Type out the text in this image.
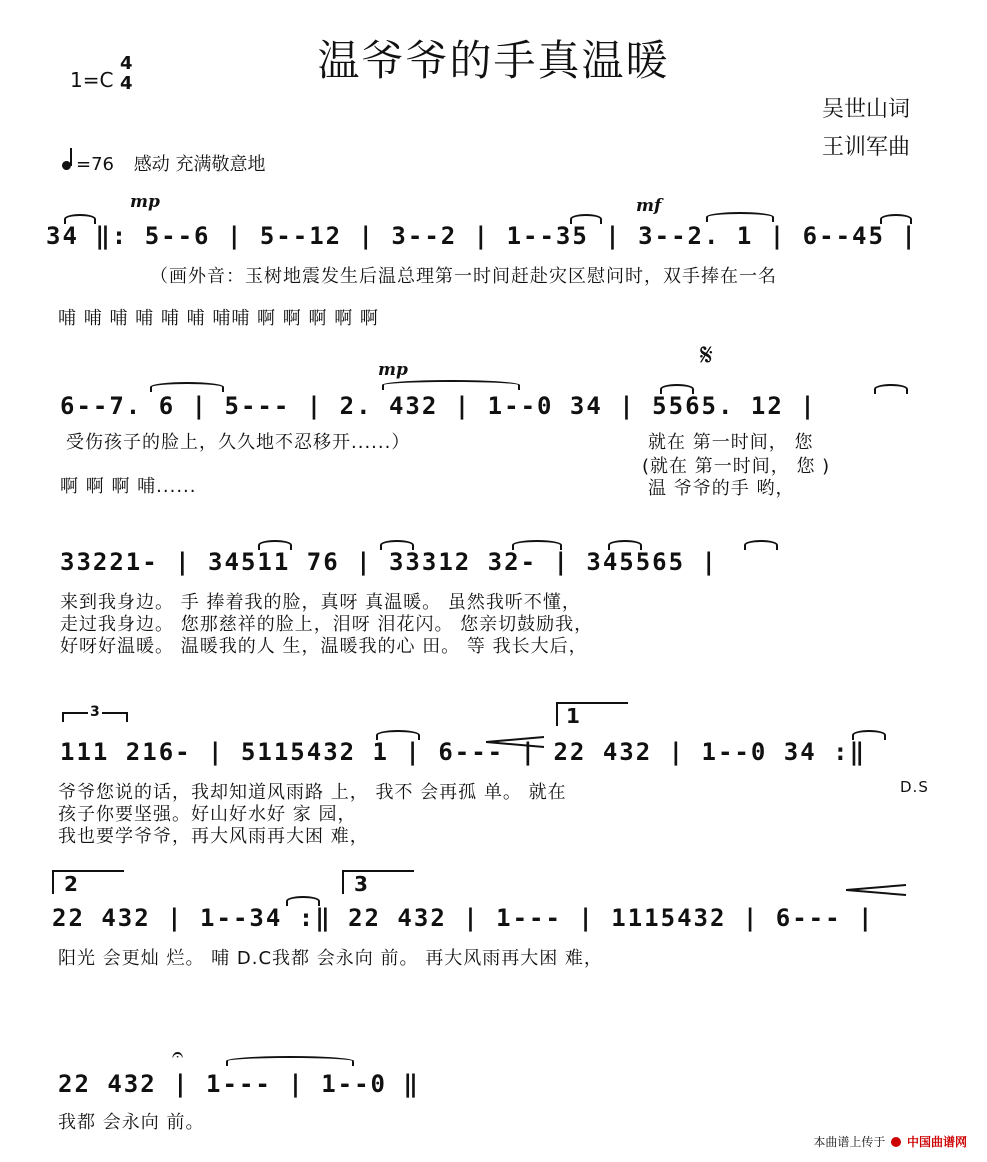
温爷爷的手真温暖
1=C
4
4
吴世山词
王训军曲
=76 感动 充满敬意地
mp	mf
34 ‖: 5--6 | 5--12 | 3--2 | 1--35 | 3--2. 1 | 6--45 |
（画外音：玉树地震发生后温总理第一时间赶赴灾区慰问时，双手捧在一名
哺 哺 哺 哺 哺 哺 哺哺 啊 啊 啊 啊 啊
𝄋
mp
6--7. 6 | 5--- | 2. 432 | 1--0 34 | 5565. 12 |
受伤孩子的脸上，久久地不忍移开......）
啊 啊 啊 哺......
就在 第一时间， 您
(就在 第一时间， 您 )
温 爷爷的手 哟，
33221- | 34511 76 | 33312 32- | 345565 |
来到我身边。 手 捧着我的脸，真呀 真温暖。 虽然我听不懂，
走过我身边。 您那慈祥的脸上，泪呀 泪花闪。 您亲切鼓励我，
好呀好温暖。 温暖我的人 生，温暖我的心 田。 等 我长大后，
3	1
111 216- | 5115432 1 | 6--- | 22 432 | 1--0 34 :‖
爷爷您说的话，我却知道风雨路 上， 我不 会再孤 单。 就在	D.S
孩子你要坚强。好山好水好 家 园，
我也要学爷爷，再大风雨再大困 难，
2	3
22 432 | 1--34 :‖ 22 432 | 1--- | 1115432 | 6--- |
阳光 会更灿 烂。 哺 D.C我都 会永向 前。 再大风雨再大困 难，
𝄐
22 432 | 1--- | 1--0 ‖
我都 会永向 前。
本曲谱上传于 中国曲谱网
